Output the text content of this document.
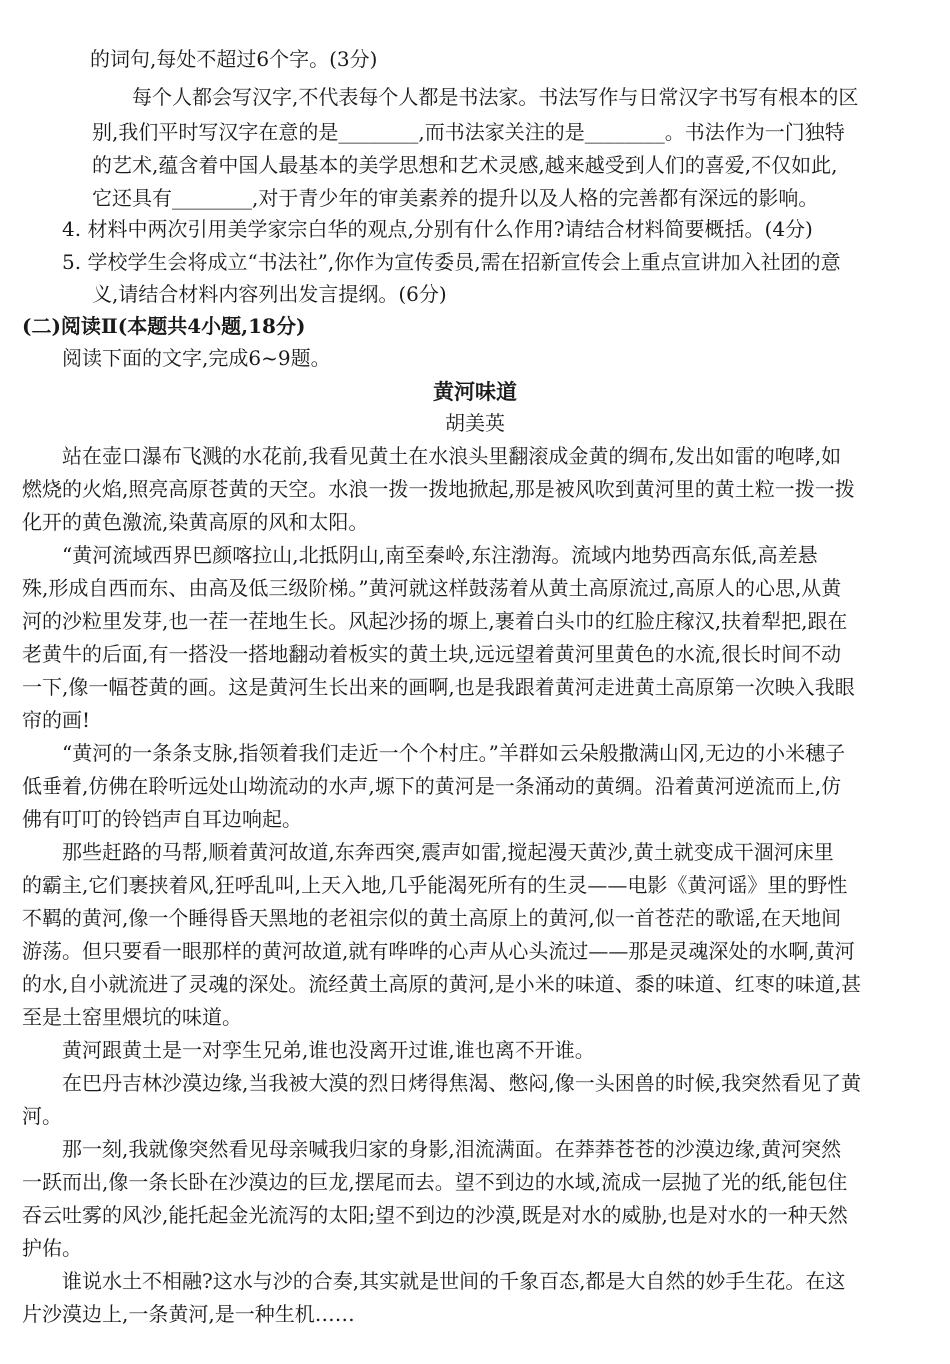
的词句,每处不超过6个字。(3分)
每个人都会写汉字,不代表每个人都是书法家。书法写作与日常汉字书写有根本的区
别,我们平时写汉字在意的是________,而书法家关注的是________。书法作为一门独特
的艺术,蕴含着中国人最基本的美学思想和艺术灵感,越来越受到人们的喜爱,不仅如此,
它还具有________,对于青少年的审美素养的提升以及人格的完善都有深远的影响。
4. 材料中两次引用美学家宗白华的观点,分别有什么作用?请结合材料简要概括。(4分)
5. 学校学生会将成立“书法社”,你作为宣传委员,需在招新宣传会上重点宣讲加入社团的意
义,请结合材料内容列出发言提纲。(6分)
(二)阅读Ⅱ(本题共4小题,18分)
阅读下面的文字,完成6~9题。
黄河味道
胡美英
站在壶口瀑布飞溅的水花前,我看见黄土在水浪头里翻滚成金黄的绸布,发出如雷的咆哮,如
燃烧的火焰,照亮高原苍黄的天空。水浪一拨一拨地掀起,那是被风吹到黄河里的黄土粒一拨一拨
化开的黄色激流,染黄高原的风和太阳。
“黄河流域西界巴颜喀拉山,北抵阴山,南至秦岭,东注渤海。流域内地势西高东低,高差悬
殊,形成自西而东、由高及低三级阶梯。”黄河就这样鼓荡着从黄土高原流过,高原人的心思,从黄
河的沙粒里发芽,也一茬一茬地生长。风起沙扬的塬上,裹着白头巾的红脸庄稼汉,扶着犁把,跟在
老黄牛的后面,有一搭没一搭地翻动着板实的黄土块,远远望着黄河里黄色的水流,很长时间不动
一下,像一幅苍黄的画。这是黄河生长出来的画啊,也是我跟着黄河走进黄土高原第一次映入我眼
帘的画!
“黄河的一条条支脉,指领着我们走近一个个村庄。”羊群如云朵般撒满山冈,无边的小米穗子
低垂着,仿佛在聆听远处山坳流动的水声,塬下的黄河是一条涌动的黄绸。沿着黄河逆流而上,仿
佛有叮叮的铃铛声自耳边响起。
那些赶路的马帮,顺着黄河故道,东奔西突,震声如雷,搅起漫天黄沙,黄土就变成干涸河床里
的霸主,它们裹挟着风,狂呼乱叫,上天入地,几乎能渴死所有的生灵——电影《黄河谣》里的野性
不羁的黄河,像一个睡得昏天黑地的老祖宗似的黄土高原上的黄河,似一首苍茫的歌谣,在天地间
游荡。但只要看一眼那样的黄河故道,就有哗哗的心声从心头流过——那是灵魂深处的水啊,黄河
的水,自小就流进了灵魂的深处。流经黄土高原的黄河,是小米的味道、黍的味道、红枣的味道,甚
至是土窑里煨坑的味道。
黄河跟黄土是一对孪生兄弟,谁也没离开过谁,谁也离不开谁。
在巴丹吉林沙漠边缘,当我被大漠的烈日烤得焦渴、憋闷,像一头困兽的时候,我突然看见了黄
河。
那一刻,我就像突然看见母亲喊我归家的身影,泪流满面。在莽莽苍苍的沙漠边缘,黄河突然
一跃而出,像一条长卧在沙漠边的巨龙,摆尾而去。望不到边的水域,流成一层抛了光的纸,能包住
吞云吐雾的风沙,能托起金光流泻的太阳;望不到边的沙漠,既是对水的威胁,也是对水的一种天然
护佑。
谁说水土不相融?这水与沙的合奏,其实就是世间的千象百态,都是大自然的妙手生花。在这
片沙漠边上,一条黄河,是一种生机……
